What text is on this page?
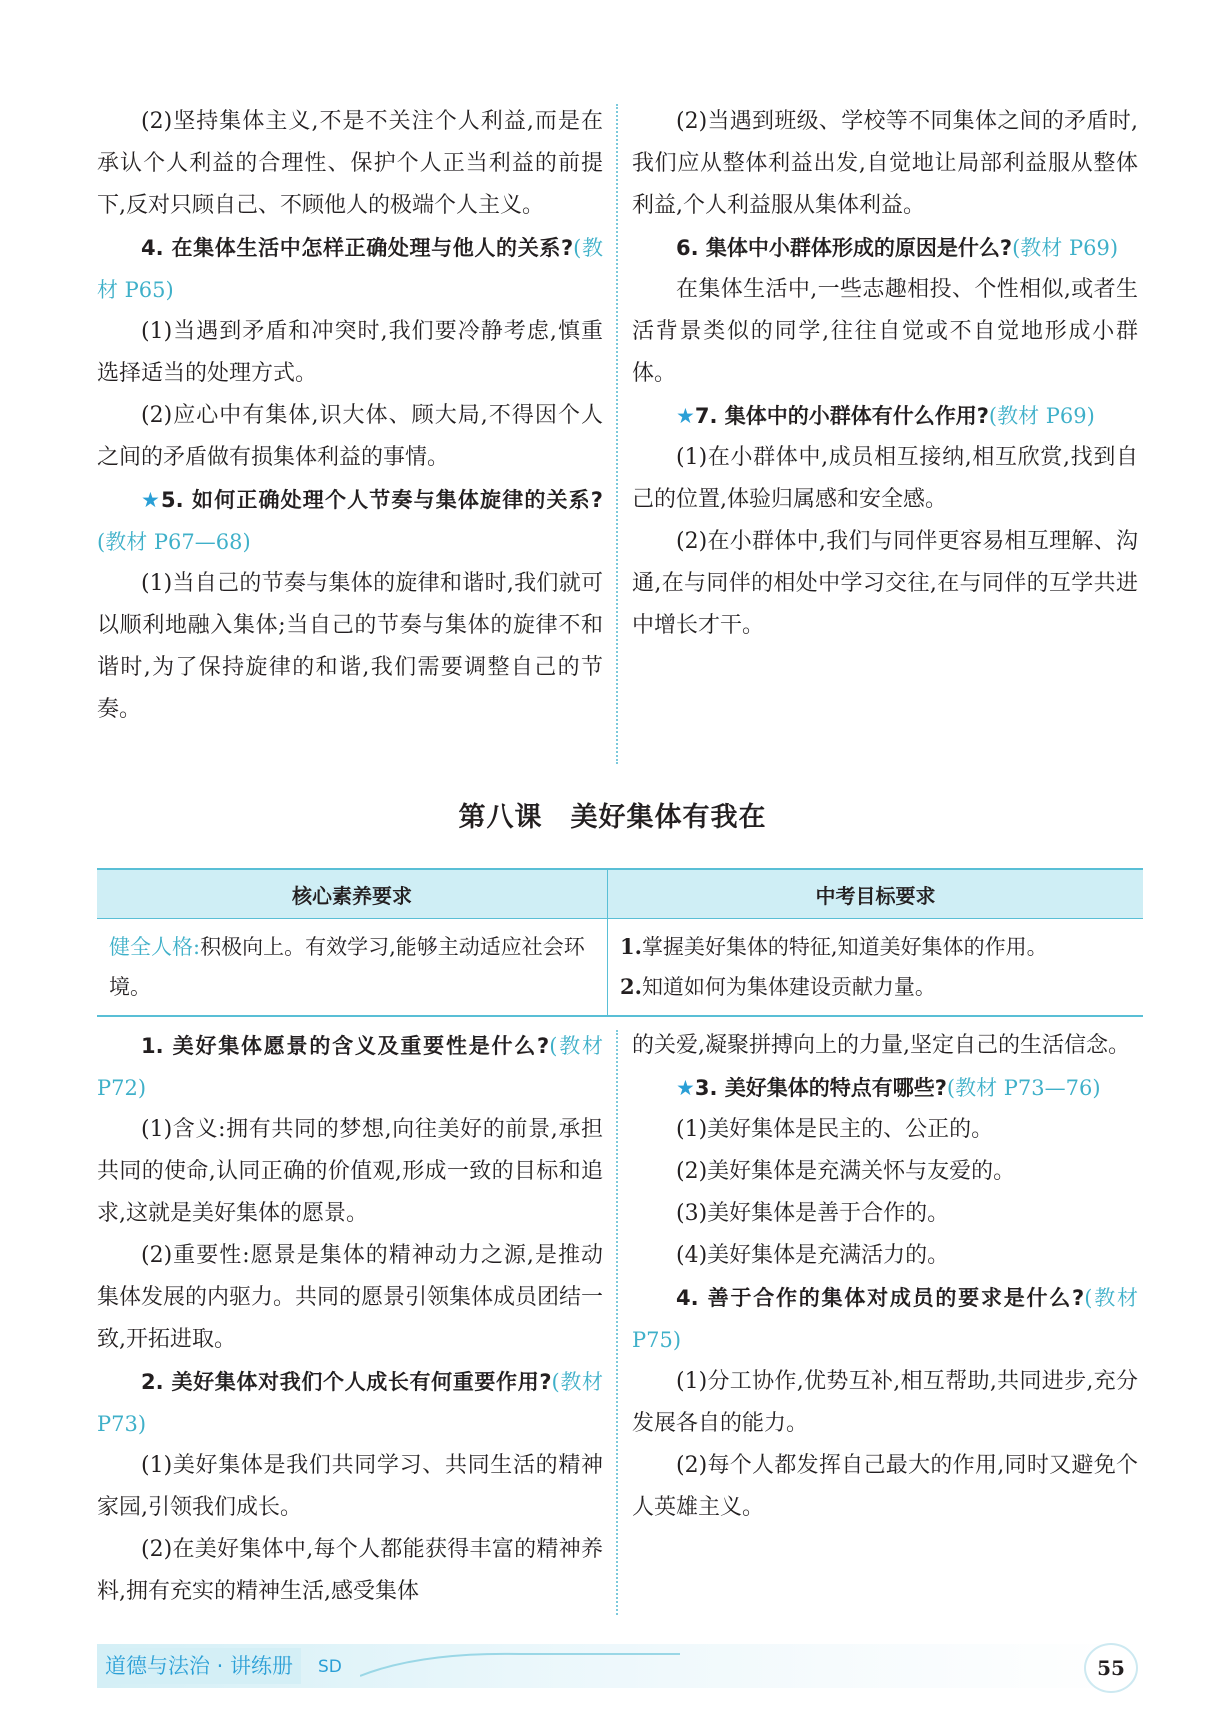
(2)坚持集体主义,不是不关注个人利益,而是在承认个人利益的合理性、保护个人正当利益的前提下,反对只顾自己、不顾他人的极端个人主义。

4. 在集体生活中怎样正确处理与他人的关系?(教材 P65)

(1)当遇到矛盾和冲突时,我们要冷静考虑,慎重选择适当的处理方式。

(2)应心中有集体,识大体、顾大局,不得因个人之间的矛盾做有损集体利益的事情。

★5. 如何正确处理个人节奏与集体旋律的关系?(教材 P67—68)

(1)当自己的节奏与集体的旋律和谐时,我们就可以顺利地融入集体;当自己的节奏与集体的旋律不和谐时,为了保持旋律的和谐,我们需要调整自己的节奏。

(2)当遇到班级、学校等不同集体之间的矛盾时,我们应从整体利益出发,自觉地让局部利益服从整体利益,个人利益服从集体利益。

6. 集体中小群体形成的原因是什么?(教材 P69)

在集体生活中,一些志趣相投、个性相似,或者生活背景类似的同学,往往自觉或不自觉地形成小群体。

★7. 集体中的小群体有什么作用?(教材 P69)

(1)在小群体中,成员相互接纳,相互欣赏,找到自己的位置,体验归属感和安全感。

(2)在小群体中,我们与同伴更容易相互理解、沟通,在与同伴的相处中学习交往,在与同伴的互学共进中增长才干。

第八课 美好集体有我在
核心素养要求	中考目标要求
健全人格:积极向上。有效学习,能够主动适应社会环境。	1.掌握美好集体的特征,知道美好集体的作用。
2.知道如何为集体建设贡献力量。

1. 美好集体愿景的含义及重要性是什么?(教材 P72)

(1)含义:拥有共同的梦想,向往美好的前景,承担共同的使命,认同正确的价值观,形成一致的目标和追求,这就是美好集体的愿景。

(2)重要性:愿景是集体的精神动力之源,是推动集体发展的内驱力。共同的愿景引领集体成员团结一致,开拓进取。

2. 美好集体对我们个人成长有何重要作用?(教材 P73)

(1)美好集体是我们共同学习、共同生活的精神家园,引领我们成长。

(2)在美好集体中,每个人都能获得丰富的精神养料,拥有充实的精神生活,感受集体

的关爱,凝聚拼搏向上的力量,坚定自己的生活信念。

★3. 美好集体的特点有哪些?(教材 P73—76)

(1)美好集体是民主的、公正的。

(2)美好集体是充满关怀与友爱的。

(3)美好集体是善于合作的。

(4)美好集体是充满活力的。

4. 善于合作的集体对成员的要求是什么?(教材 P75)

(1)分工协作,优势互补,相互帮助,共同进步,充分发展各自的能力。

(2)每个人都发挥自己最大的作用,同时又避免个人英雄主义。

道德与法治 · 讲练册	SD	55
